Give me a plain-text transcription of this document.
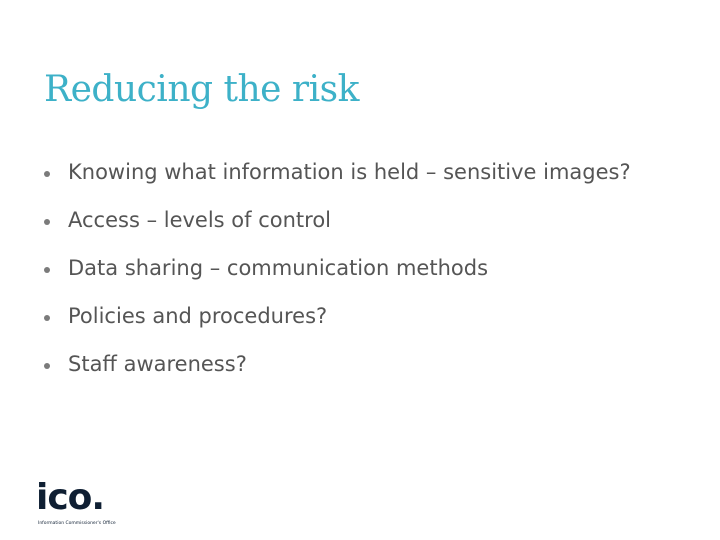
Reducing the risk
Knowing what information is held – sensitive images?
Access – levels of control
Data sharing – communication methods
Policies and procedures?
Staff awareness?
ico.
Information Commissioner's Office
